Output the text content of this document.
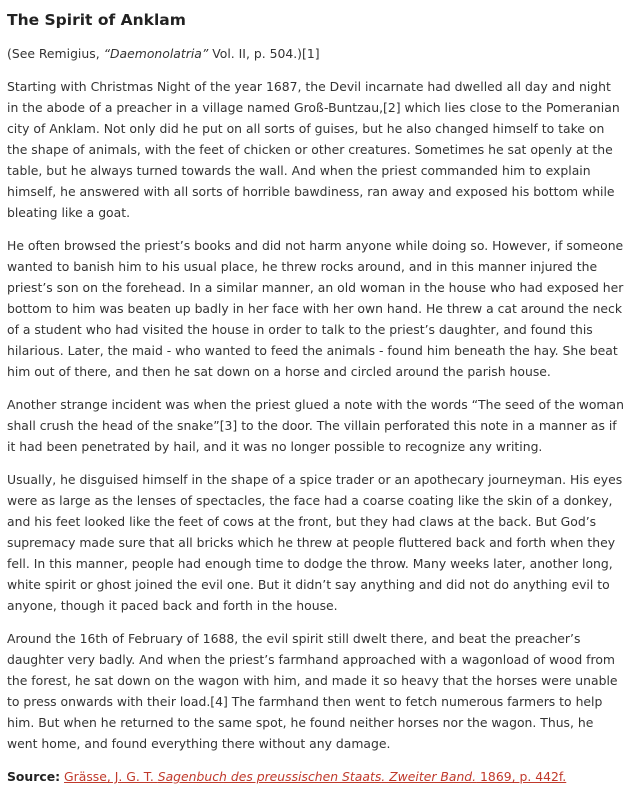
The Spirit of Anklam

(See Remigius, “Daemonolatria” Vol. II, p. 504.)[1]

Starting with Christmas Night of the year 1687, the Devil incarnate had dwelled all day and night in the abode of a preacher in a village named Groß-Buntzau,[2] which lies close to the Pomeranian city of Anklam. Not only did he put on all sorts of guises, but he also changed himself to take on the shape of animals, with the feet of chicken or other creatures. Sometimes he sat openly at the table, but he always turned towards the wall. And when the priest commanded him to explain himself, he answered with all sorts of horrible bawdiness, ran away and exposed his bottom while bleating like a goat.

He often browsed the priest’s books and did not harm anyone while doing so. However, if someone wanted to banish him to his usual place, he threw rocks around, and in this manner injured the priest’s son on the forehead. In a similar manner, an old woman in the house who had exposed her bottom to him was beaten up badly in her face with her own hand. He threw a cat around the neck of a student who had visited the house in order to talk to the priest’s daughter, and found this hilarious. Later, the maid - who wanted to feed the animals - found him beneath the hay. She beat him out of there, and then he sat down on a horse and circled around the parish house.

Another strange incident was when the priest glued a note with the words “The seed of the woman shall crush the head of the snake”[3] to the door. The villain perforated this note in a manner as if it had been penetrated by hail, and it was no longer possible to recognize any writing.

Usually, he disguised himself in the shape of a spice trader or an apothecary journeyman. His eyes were as large as the lenses of spectacles, the face had a coarse coating like the skin of a donkey, and his feet looked like the feet of cows at the front, but they had claws at the back. But God’s supremacy made sure that all bricks which he threw at people fluttered back and forth when they fell. In this manner, people had enough time to dodge the throw. Many weeks later, another long, white spirit or ghost joined the evil one. But it didn’t say anything and did not do anything evil to anyone, though it paced back and forth in the house.

Around the 16th of February of 1688, the evil spirit still dwelt there, and beat the preacher’s daughter very badly. And when the priest’s farmhand approached with a wagonload of wood from the forest, he sat down on the wagon with him, and made it so heavy that the horses were unable to press onwards with their load.[4] The farmhand then went to fetch numerous farmers to help him. But when he returned to the same spot, he found neither horses nor the wagon. Thus, he went home, and found everything there without any damage.

Source: Grässe, J. G. T. Sagenbuch des preussischen Staats. Zweiter Band. 1869, p. 442f.
